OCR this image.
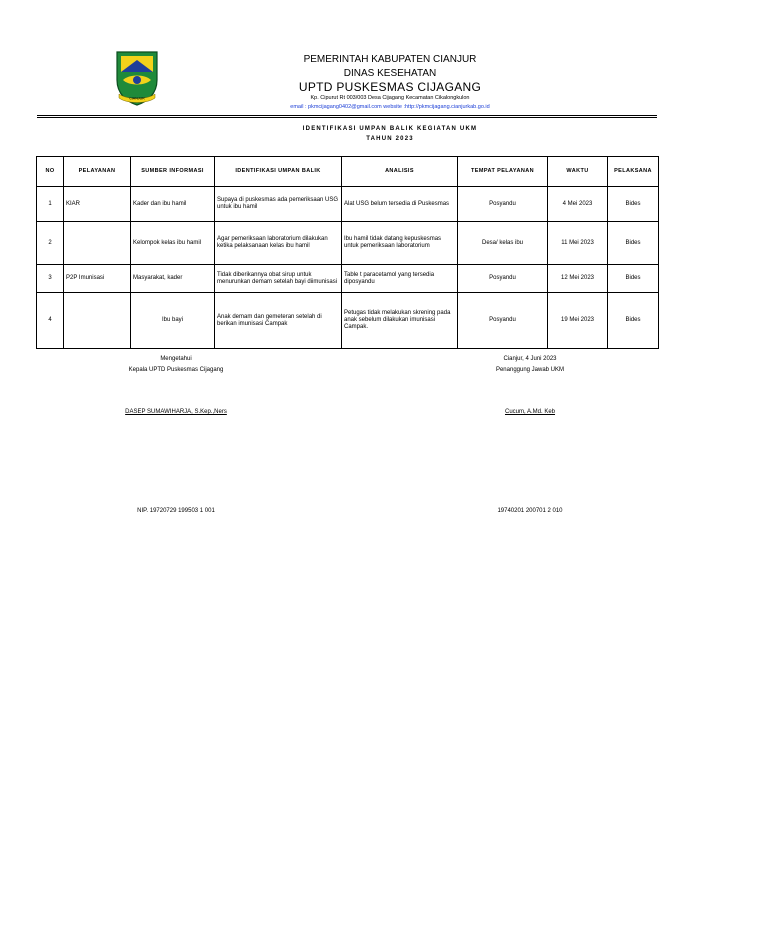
CIANJUR
PEMERINTAH KABUPATEN CIANJUR
DINAS KESEHATAN
UPTD PUSKESMAS CIJAGANG
Kp. Cipurut Rt 003/003 Desa Cijagang Kecamatan Cikalongkulon
email : pkmcijagang0402@gmail.com website :http://pkmcijagang.cianjurkab.go.id
IDENTIFIKASI UMPAN BALIK KEGIATAN UKM
TAHUN 2023
NO	PELAYANAN	SUMBER INFORMASI	IDENTIFIKASI UMPAN BALIK	ANALISIS	TEMPAT PELAYANAN	WAKTU	PELAKSANA
1	KIAR	Kader dan ibu hamil	Supaya di puskesmas ada pemeriksaan USG untuk ibu hamil	Alat USG belum tersedia di Puskesmas	Posyandu	4 Mei 2023	Bides
2		Kelompok kelas ibu hamil	Agar pemeriksaan laboratorium dilakukan ketika pelaksanaan kelas ibu hamil	Ibu hamil tidak datang kepuskesmas untuk pemeriksaan laboratorium	Desa/ kelas ibu	11 Mei 2023	Bides
3	P2P Imunisasi	Masyarakat, kader	Tidak diberikannya obat sirup untuk menurunkan demam setelah bayi diimunisasi	Table t paracetamol yang tersedia diposyandu	Posyandu	12 Mei 2023	Bides
4		Ibu bayi	Anak demam dan gemeteran setelah di berikan imunisasi Campak	Petugas tidak melakukan skrening pada anak sebelum dilakukan imunisasi Campak.	Posyandu	19 Mei 2023	Bides
Mengetahui
Kepala UPTD Puskesmas Cijagang
DASEP SUMAWIHARJA, S.Kep.,Ners
NIP. 19720729 199503 1 001
Cianjur, 4 Juni 2023
Penanggung Jawab UKM
Cucum, A.Md. Keb
19740201 200701 2 010
